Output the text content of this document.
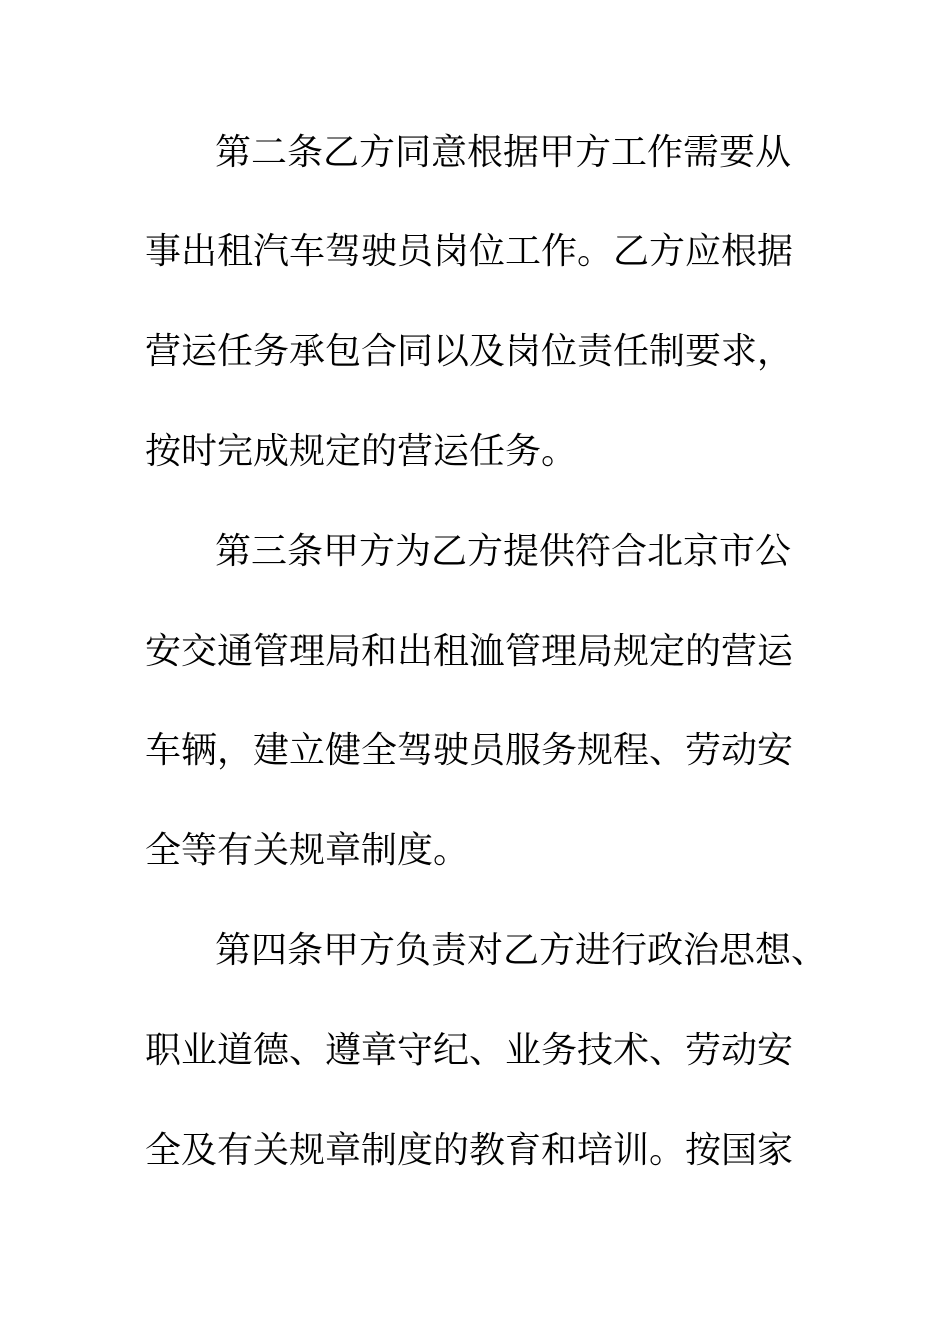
第二条乙方同意根据甲方工作需要从
事出租汽车驾驶员岗位工作。乙方应根据
营运任务承包合同以及岗位责任制要求，
按时完成规定的营运任务。
第三条甲方为乙方提供符合北京市公
安交通管理局和出租洫管理局规定的营运
车辆，建立健全驾驶员服务规程、劳动安
全等有关规章制度。
第四条甲方负责对乙方进行政治思想、
职业道德、遵章守纪、业务技术、劳动安
全及有关规章制度的教育和培训。按国家
